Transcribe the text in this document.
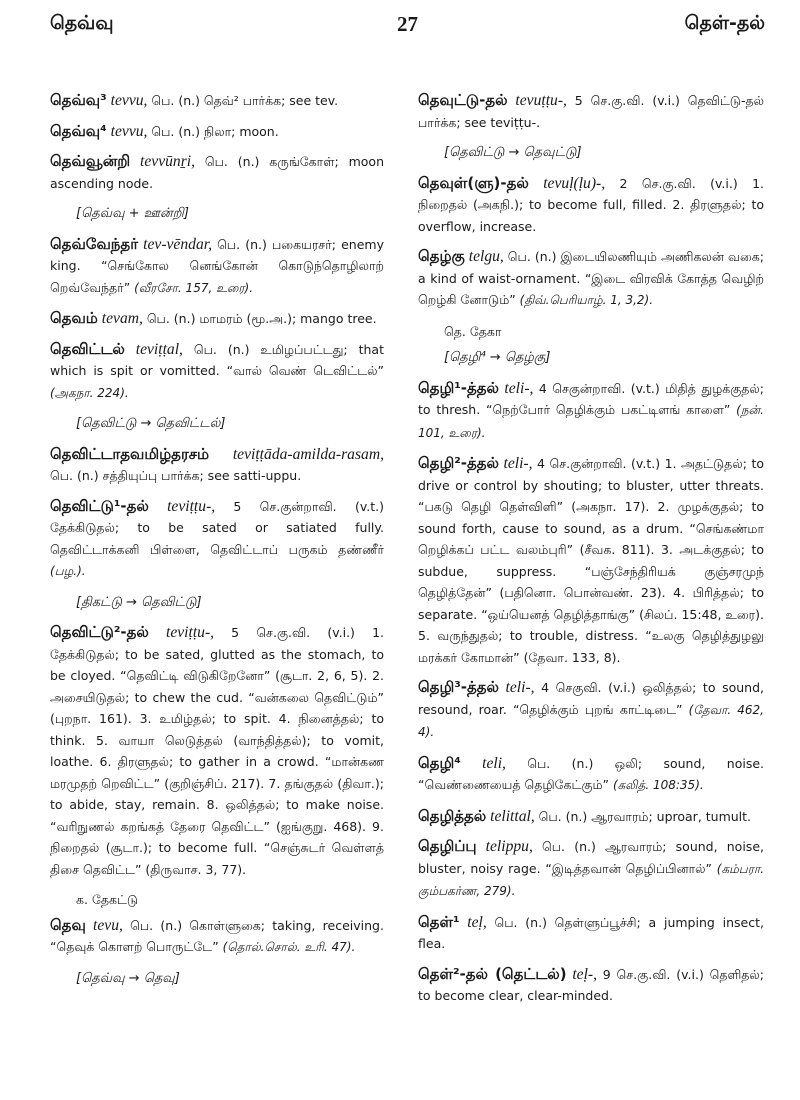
தெவ்வு	27	தெள்-தல்
தெவ்வு³ tevvu, பெ. (n.) தெவ்² பார்க்க; see tev.
தெவ்வு⁴ tevvu, பெ. (n.) நிலா; moon.
தெவ்வூன்றி tevvūnṟi, பெ. (n.) கருங்கோள்; moon ascending node.
[தெவ்வு + ஊன்றி]
தெவ்வேந்தர் tev-vēndar, பெ. (n.) பகையரசர்; enemy king. “செங்கோல னெங்கோன் கொடுந்தொழிலாற் றெவ்வேந்தர்” (வீரசோ. 157, உரை).
தெவம் tevam, பெ. (n.) மாமரம் (மூ.அ.); mango tree.
தெவிட்டல் teviṭṭal, பெ. (n.) உமிழப்பட்டது; that which is spit or vomitted. “வால் வெண் டெவிட்டல்” (அகநா. 224).
[தெவிட்டு → தெவிட்டல்]
தெவிட்டாதவமிழ்தரசம் teviṭṭāda-amilda-rasam, பெ. (n.) சத்தியுப்பு பார்க்க; see satti-uppu.
தெவிட்டு¹-தல் teviṭṭu-, 5 செ.குன்றாவி. (v.t.) தேக்கிடுதல்; to be sated or satiated fully. தெவிட்டாக்கனி பிள்ளை, தெவிட்டாப் பருகம் தண்ணீர் (பழ.).
[திகட்டு → தெவிட்டு]
தெவிட்டு²-தல் teviṭṭu-, 5 செ.கு.வி. (v.i.) 1. தேக்கிடுதல்; to be sated, glutted as the stomach, to be cloyed. “தெவிட்டி விடுகிறேனோ” (சூடா. 2, 6, 5). 2. அசையிடுதல்; to chew the cud. “வன்கலை தெவிட்டும்” (புறநா. 161). 3. உமிழ்தல்; to spit. 4. நினைத்தல்; to think. 5. வாயா லெடுத்தல் (வாந்தித்தல்); to vomit, loathe. 6. திரளுதல்; to gather in a crowd. “மான்கண மரமுதற் றெவிட்ட” (குறிஞ்சிப். 217). 7. தங்குதல் (திவா.); to abide, stay, remain. 8. ஒலித்தல்; to make noise. “வரிநுணல் கறங்கத் தேரை தெவிட்ட” (ஐங்குறு. 468). 9. நிறைதல் (சூடா.); to become full. “செஞ்சுடர் வெள்ளத் திசை தெவிட்ட” (திருவாச. 3, 77).
க. தேகட்டு
தெவு tevu, பெ. (n.) கொள்ளுகை; taking, receiving. “தெவுக் கொளற் பொருட்டே” (தொல்.சொல். உரி. 47).
[தெவ்வு → தெவு]
தெவுட்டு-தல் tevuṭṭu-, 5 செ.கு.வி. (v.i.) தெவிட்டு-தல் பார்க்க; see teviṭṭu-.
[தெவிட்டு → தெவுட்டு]
தெவுள்(ளு)-தல் tevuḷ(ḷu)-, 2 செ.கு.வி. (v.i.) 1. நிறைதல் (அகநி.); to become full, filled. 2. திரளுதல்; to overflow, increase.
தெழ்கு telgu, பெ. (n.) இடையிலணியும் அணிகலன் வகை; a kind of waist-ornament. “இடை விரவிக் கோத்த வெழிற் றெழ்கி னோடும்” (திவ்.பெரியாழ். 1, 3,2).
தெ. தேகா
[தெழி⁴ → தெழ்கு]
தெழி¹-த்தல் teli-, 4 செகுன்றாவி. (v.t.) மிதித் துழக்குதல்; to thresh. “நெற்போர் தெழிக்கும் பகட்டிளங் காளை” (நன். 101, உரை).
தெழி²-த்தல் teli-, 4 செ.குன்றாவி. (v.t.) 1. அதட்டுதல்; to drive or control by shouting; to bluster, utter threats. “பகடு தெழி தெள்விளி” (அகநா. 17). 2. முழக்குதல்; to sound forth, cause to sound, as a drum. “செங்கண்மா றெழிக்கப் பட்ட வலம்புரி” (சீவக. 811). 3. அடக்குதல்; to subdue, suppress. “பஞ்சேந்திரியக் குஞ்சரமுந் தெழித்தேன்” (பதினொ. பொன்வண். 23). 4. பிரித்தல்; to separate. “ஒய்யெனத் தெழித்தாங்கு” (சிலப். 15:48, உரை). 5. வருந்துதல்; to trouble, distress. “உலகு தெழித்துழலு மரக்கர் கோமான்” (தேவா. 133, 8).
தெழி³-த்தல் teli-, 4 செகுவி. (v.i.) ஒலித்தல்; to sound, resound, roar. “தெழிக்கும் புறங் காட்டிடை” (தேவா. 462, 4).
தெழி⁴ teli, பெ. (n.) ஒலி; sound, noise. “வெண்ணையைத் தெழிகேட்கும்” (கலித். 108:35).
தெழித்தல் telittal, பெ. (n.) ஆரவாரம்; uproar, tumult.
தெழிப்பு telippu, பெ. (n.) ஆரவாரம்; sound, noise, bluster, noisy rage. “இடித்தவான் தெழிப்பினால்” (கம்பரா. கும்பகர்ண, 279).
தெள்¹ teḷ, பெ. (n.) தெள்ளுப்பூச்சி; a jumping insect, flea.
தெள்²-தல் (தெட்டல்) teḷ-, 9 செ.கு.வி. (v.i.) தெளிதல்; to become clear, clear-minded.
